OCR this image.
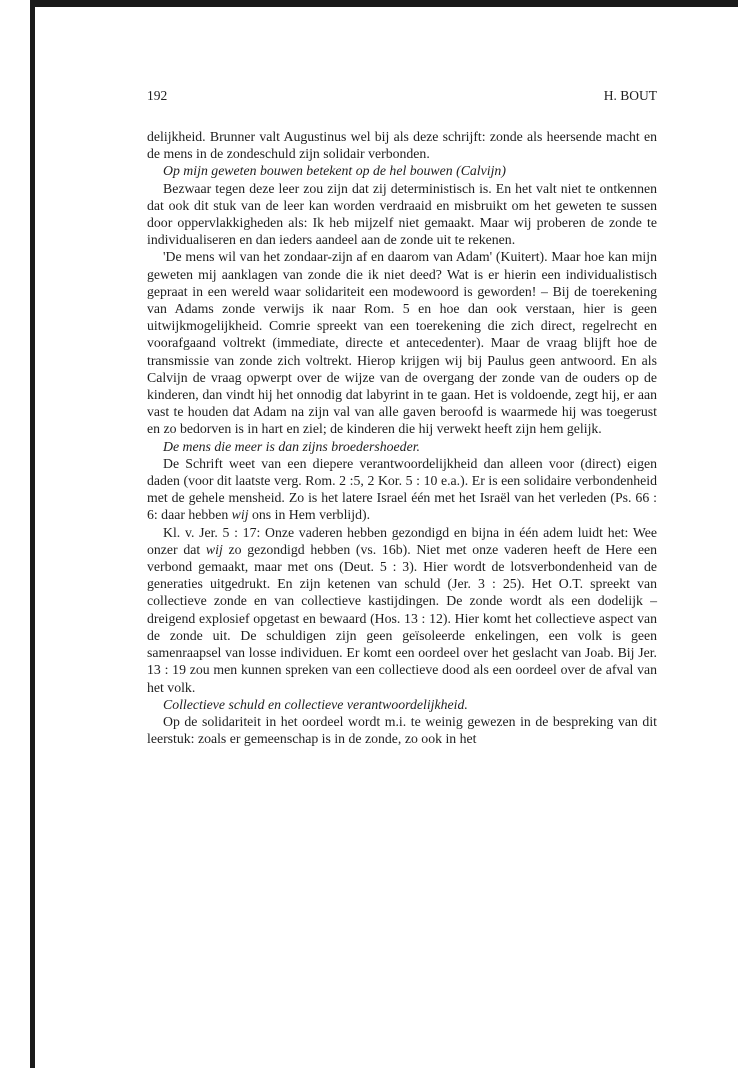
192	H. BOUT

delijkheid. Brunner valt Augustinus wel bij als deze schrijft: zonde als heersende macht en de mens in de zondeschuld zijn solidair verbonden.

Op mijn geweten bouwen betekent op de hel bouwen (Calvijn)

Bezwaar tegen deze leer zou zijn dat zij deterministisch is. En het valt niet te ontkennen dat ook dit stuk van de leer kan worden verdraaid en misbruikt om het geweten te sussen door oppervlakkigheden als: Ik heb mijzelf niet gemaakt. Maar wij proberen de zonde te individualiseren en dan ieders aandeel aan de zonde uit te rekenen.

'De mens wil van het zondaar-zijn af en daarom van Adam' (Kuitert). Maar hoe kan mijn geweten mij aanklagen van zonde die ik niet deed? Wat is er hierin een individualistisch gepraat in een wereld waar solidariteit een modewoord is geworden! – Bij de toerekening van Adams zonde verwijs ik naar Rom. 5 en hoe dan ook verstaan, hier is geen uitwijkmogelijkheid. Comrie spreekt van een toerekening die zich direct, regelrecht en voorafgaand voltrekt (immediate, directe et antecedenter). Maar de vraag blijft hoe de transmissie van zonde zich voltrekt. Hierop krijgen wij bij Paulus geen antwoord. En als Calvijn de vraag opwerpt over de wijze van de overgang der zonde van de ouders op de kinderen, dan vindt hij het onnodig dat labyrint in te gaan. Het is voldoende, zegt hij, er aan vast te houden dat Adam na zijn val van alle gaven beroofd is waarmede hij was toegerust en zo bedorven is in hart en ziel; de kinderen die hij verwekt heeft zijn hem gelijk.

De mens die meer is dan zijns broedershoeder.

De Schrift weet van een diepere verantwoordelijkheid dan alleen voor (direct) eigen daden (voor dit laatste verg. Rom. 2 :5, 2 Kor. 5 : 10 e.a.). Er is een solidaire verbondenheid met de gehele mensheid. Zo is het latere Israel één met het Israël van het verleden (Ps. 66 : 6: daar hebben wij ons in Hem verblijd).

Kl. v. Jer. 5 : 17: Onze vaderen hebben gezondigd en bijna in één adem luidt het: Wee onzer dat wij zo gezondigd hebben (vs. 16b). Niet met onze vaderen heeft de Here een verbond gemaakt, maar met ons (Deut. 5 : 3). Hier wordt de lotsverbondenheid van de generaties uitgedrukt. En zijn ketenen van schuld (Jer. 3 : 25). Het O.T. spreekt van collectieve zonde en van collectieve kastijdingen. De zonde wordt als een dodelijk – dreigend explosief opgetast en bewaard (Hos. 13 : 12). Hier komt het collectieve aspect van de zonde uit. De schuldigen zijn geen geïsoleerde enkelingen, een volk is geen samenraapsel van losse individuen. Er komt een oordeel over het geslacht van Joab. Bij Jer. 13 : 19 zou men kunnen spreken van een collectieve dood als een oordeel over de afval van het volk.

Collectieve schuld en collectieve verantwoordelijkheid.

Op de solidariteit in het oordeel wordt m.i. te weinig gewezen in de bespreking van dit leerstuk: zoals er gemeenschap is in de zonde, zo ook in het
